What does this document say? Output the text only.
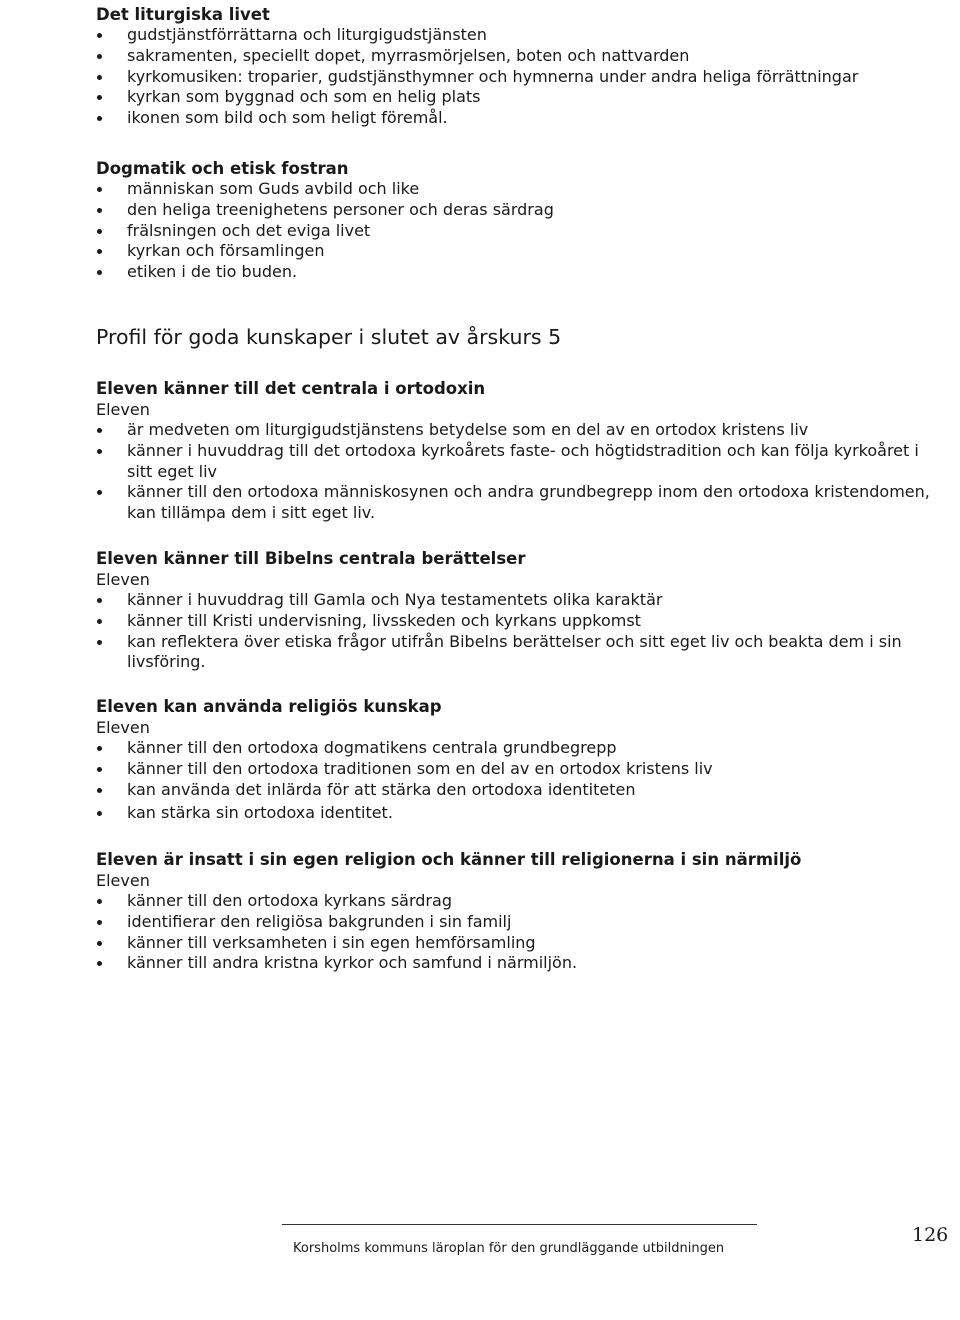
Det liturgiska livet
gudstjänstförrättarna och liturgigudstjänsten
sakramenten, speciellt dopet, myrrasmörjelsen, boten och nattvarden
kyrkomusiken: troparier, gudstjänsthymner och hymnerna under andra heliga förrättningar
kyrkan som byggnad och som en helig plats
ikonen som bild och som heligt föremål.
Dogmatik och etisk fostran
människan som Guds avbild och like
den heliga treenighetens personer och deras särdrag
frälsningen och det eviga livet
kyrkan och församlingen
etiken i de tio buden.
Profil för goda kunskaper i slutet av årskurs 5
Eleven känner till det centrala i ortodoxin

Eleven

är medveten om liturgigudstjänstens betydelse som en del av en ortodox kristens liv
känner i huvuddrag till det ortodoxa kyrkoårets faste- och högtidstradition och kan följa kyrkoåret i sitt eget liv
känner till den ortodoxa människosynen och andra grundbegrepp inom den ortodoxa kristendomen, kan tillämpa dem i sitt eget liv.
Eleven känner till Bibelns centrala berättelser

Eleven

känner i huvuddrag till Gamla och Nya testamentets olika karaktär
känner till Kristi undervisning, livsskeden och kyrkans uppkomst
kan reflektera över etiska frågor utifrån Bibelns berättelser och sitt eget liv och beakta dem i sin livsföring.
Eleven kan använda religiös kunskap

Eleven

känner till den ortodoxa dogmatikens centrala grundbegrepp
känner till den ortodoxa traditionen som en del av en ortodox kristens liv
kan använda det inlärda för att stärka den ortodoxa identiteten
kan stärka sin ortodoxa identitet.
Eleven är insatt i sin egen religion och känner till religionerna i sin närmiljö

Eleven

känner till den ortodoxa kyrkans särdrag
identifierar den religiösa bakgrunden i sin familj
känner till verksamheten i sin egen hemförsamling
känner till andra kristna kyrkor och samfund i närmiljön.
Korsholms kommuns läroplan för den grundläggande utbildningen
126
